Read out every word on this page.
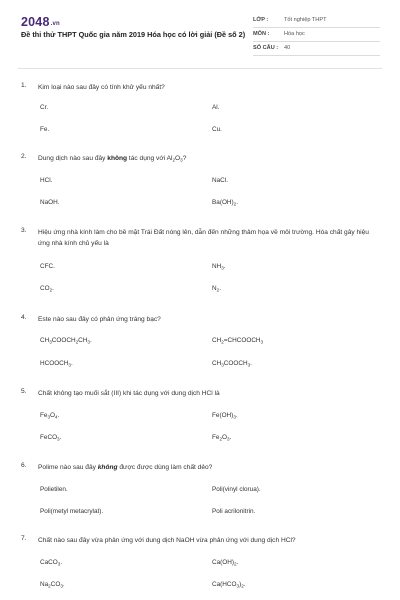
2048.vn
Đề thi thử THPT Quốc gia năm 2019 Hóa học có lời giải (Đề số 2)
LỚP :	Tốt nghiệp THPT
MÔN :	Hóa học
SỐ CÂU : 40
1. Kim loại nào sau đây có tính khử yếu nhất?
Cr.	Al.
Fe.	Cu.
2. Dung dịch nào sau đây không tác dụng với $Al_2O_3$?
HCl.	NaCl.
NaOH.	$Ba(OH)_2$.
3. Hiệu ứng nhà kính làm cho bề mặt Trái Đất nóng lên, dẫn đến những thảm họa về môi trường. Hóa chất gây hiệu ứng nhà kính chủ yếu là
CFC.	$NH_3$.
$CO_2$.	$N_2$.
4. Este nào sau đây có phản ứng tráng bạc?
$CH_3COOCH_2CH_3$.	$CH_2=CHCOOCH_3$
$HCOOCH_3$.	$CH_3COOCH_3$.
5. Chất không tạo muối sắt (III) khi tác dụng với dung dịch HCl là
$Fe_3O_4$.	$Fe(OH)_3$.
FeCO$_3$.	$Fe_2O_3$.
6. Polime nào sau đây không được được dùng làm chất dẻo?
Polietilen.	Poli(vinyl clorua).
Poli(metyl metacrylat).	Poli acrilonitrin.
7. Chất nào sau đây vừa phản ứng với dung dịch NaOH vừa phản ứng với dung dịch HCl?
CaCO$_3$.	$Ca(OH)_2$.
$Na_2CO_3$.	$Ca(HCO_3)_2$.
